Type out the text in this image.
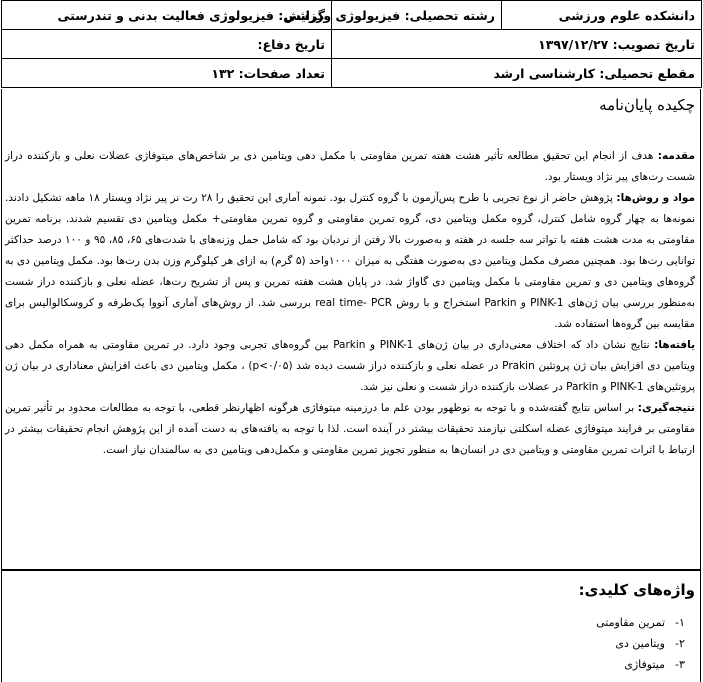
دانشکده علوم ورزشی	رشته تحصیلی: فیزیولوژی ورزشی	گرایش: فیزیولوژی فعالیت بدنی و تندرستی
تاریخ تصویب: ۱۳۹۷/۱۲/۲۷		تاریخ دفاع:
مقطع تحصیلی: کارشناسی ارشد		تعداد صفحات: ۱۳۲
چکیده پایان‌نامه

مقدمه: هدف از انجام این تحقیق مطالعه تأثیر هشت هفته تمرین مقاومتی با مکمل دهی ویتامین دی بر شاخص‌های میتوفاژی عضلات نعلی و بازکننده دراز شست رت‌های پیر نژاد ویستار بود.

مواد و روش‌ها: پژوهش حاضر از نوع تجربی با طرح پس‌آزمون با گروه کنترل بود. نمونه آماری این تحقیق را ۲۸ رت نر پیر نژاد ویستار ۱۸ ماهه تشکیل دادند. نمونه‌ها به چهار گروه شامل کنترل، گروه مکمل ویتامین دی، گروه تمرین مقاومتی و گروه تمرین مقاومتی+ مکمل ویتامین دی تقسیم شدند. برنامه تمرین مقاومتی به مدت هشت هفته با تواتر سه جلسه در هفته و به‌صورت بالا رفتن از نردبان بود که شامل حمل وزنه‌های با شدت‌های ۶۵، ۸۵، ۹۵ و ۱۰۰ درصد حداکثر توانایی رت‌ها بود. همچنین مصرف مکمل ویتامین دی به‌صورت هفتگی به میزان ۱۰۰۰واحد (۵ گرم) به ازای هر کیلوگرم وزن بدن رت‌ها بود. مکمل ویتامین دی به گروه‌های ویتامین دی و تمرین مقاومتی با مکمل ویتامین دی گاواژ شد. در پایان هشت هفته تمرین و پس از تشریح رت‌ها، عضله نعلی و بازکننده دراز شست به‌منظور بررسی بیان ژن‌های PINK-1 و Parkin استخراج و با روش real time- PCR بررسی شد. از روش‌های آماری آنووا یک‌طرفه و کروسکالوالیس برای مقایسه بین گروه‌ها استفاده شد.

یافته‌ها: نتایج نشان داد که اختلاف معنی‌داری در بیان ژن‌های PINK-1 و Parkin بین گروه‌های تجربی وجود دارد. در تمرین مقاومتی به همراه مکمل دهی ویتامین دی افزایش بیان ژن پروتئین Prakin در عضله نعلی و بازکننده دراز شست دیده شد (p<۰/۰۵) ، مکمل ویتامین دی باعث افزایش معناداری در بیان ژن پروتئین‌های PINK-1 و Parkin در عضلات بازکننده دراز شست و نعلی نیز شد.

نتیجه‌گیری: بر اساس نتایج گفته‌شده و با توجه به نوظهور بودن علم ما درزمینه میتوفاژی هرگونه اظهارنظر قطعی، با توجه به مطالعات محدود بر تأثیر تمرین مقاومتی بر فرایند میتوفاژی عضله اسکلتی نیازمند تحقیقات بیشتر در آینده است. لذا با توجه به یافته‌های به دست آمده از این پژوهش انجام تحقیقات بیشتر در ارتباط با اثرات تمرین مقاومتی و ویتامین دی در انسان‌ها به منظور تجویز تمرین مقاومتی و مکمل‌دهی ویتامین دی به سالمندان نیاز است.

واژه‌های کلیدی:
۱-
تمرین مقاومتی
۲-
ویتامین دی
۳-
میتوفاژی
